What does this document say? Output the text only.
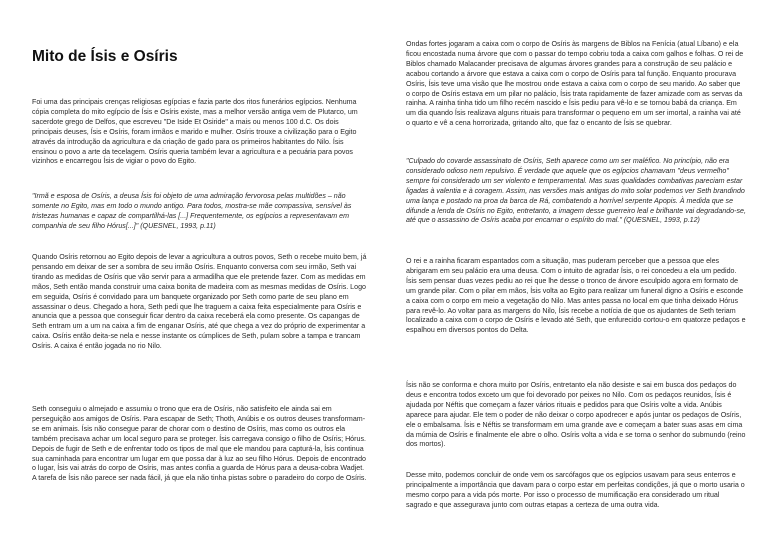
Mito de Ísis e Osíris

Foi uma das principais crenças religiosas egípcias e fazia parte dos ritos funerários egípcios. Nenhuma cópia completa do mito egípcio de Ísis e Osíris existe, mas a melhor versão antiga vem de Plutarco, um sacerdote grego de Delfos, que escreveu "De Iside Et Osiride" a mais ou menos 100 d.C. Os dois principais deuses, Ísis e Osíris, foram irmãos e marido e mulher. Osíris trouxe a civilização para o Egito através da introdução da agricultura e da criação de gado para os primeiros habitantes do Nilo. Ísis ensinou o povo a arte da tecelagem. Osíris queria também levar a agricultura e a pecuária para povos vizinhos e encarregou Ísis de vigiar o povo do Egito.

"Irmã e esposa de Osíris, a deusa Ísis foi objeto de uma admiração fervorosa pelas multidões – não somente no Egito, mas em todo o mundo antigo. Para todos, mostra-se mãe compassiva, sensível às tristezas humanas e capaz de compartilhá-las [...] Frequentemente, os egípcios a representavam em companhia de seu filho Hórus[...]" (QUESNEL, 1993, p.11)

Quando Osíris retornou ao Egito depois de levar a agricultura a outros povos, Seth o recebe muito bem, já pensando em deixar de ser a sombra de seu irmão Osíris. Enquanto conversa com seu irmão, Seth vai tirando as medidas de Osíris que vão servir para a armadilha que ele pretende fazer. Com as medidas em mãos, Seth então manda construir uma caixa bonita de madeira com as mesmas medidas de Osíris. Logo em seguida, Osíris é convidado para um banquete organizado por Seth como parte de seu plano em assassinar o deus. Chegado a hora, Seth pedi que lhe traguem a caixa feita especialmente para Osíris e anuncia que a pessoa que conseguir ficar dentro da caixa receberá ela como presente. Os capangas de Seth entram um a um na caixa a fim de enganar Osíris, até que chega a vez do próprio de experimentar a caixa. Osíris então deita-se nela e nesse instante os cúmplices de Seth, pulam sobre a tampa e trancam Osíris. A caixa é então jogada no rio Nilo.

Seth conseguiu o almejado e assumiu o trono que era de Osíris, não satisfeito ele ainda sai em perseguição aos amigos de Osíris. Para escapar de Seth; Thoth, Anúbis e os outros deuses transformam-se em animais. Ísis não consegue parar de chorar com o destino de Osíris, mas como os outros ela também precisava achar um local seguro para se proteger. Ísis carregava consigo o filho de Osíris; Hórus. Depois de fugir de Seth e de enfrentar todo os tipos de mal que ele mandou para capturá-la, Ísis continua sua caminhada para encontrar um lugar em que possa dar à luz ao seu filho Hórus. Depois de encontrado o lugar, Ísis vai atrás do corpo de Osíris, mas antes confia a guarda de Hórus para a deusa-cobra Wadjet. A tarefa de Ísis não parece ser nada fácil, já que ela não tinha pistas sobre o paradeiro do corpo de Osíris.

Ondas fortes jogaram a caixa com o corpo de Osíris às margens de Biblos na Fenícia (atual Líbano) e ela ficou encostada numa árvore que com o passar do tempo cobriu toda a caixa com galhos e folhas. O rei de Biblos chamado Malacander precisava de algumas árvores grandes para a construção de seu palácio e acabou cortando a árvore que estava a caixa com o corpo de Osíris para tal função. Enquanto procurava Osíris, Ísis teve uma visão que lhe mostrou onde estava a caixa com o corpo de seu marido. Ao saber que o corpo de Osíris estava em um pilar no palácio, Ísis trata rapidamente de fazer amizade com as servas da rainha. A rainha tinha tido um filho recém nascido e Ísis pediu para vê-lo e se tornou babá da criança. Em um dia quando Ísis realizava alguns rituais para transformar o pequeno em um ser imortal, a rainha vai até o quarto e vê a cena horrorizada, gritando alto, que faz o encanto de Ísis se quebrar.

"Culpado do covarde assassinato de Osíris, Seth aparece como um ser maléfico. No princípio, não era considerado odioso nem repulsivo. É verdade que aquele que os egípcios chamavam "deus vermelho" sempre foi considerado um ser violento e temperamental. Mas suas qualidades combativas pareciam estar ligadas à valentia e à coragem. Assim, nas versões mais antigas do mito solar podemos ver Seth brandindo uma lança e postado na proa da barca de Rá, combatendo a horrível serpente Apopis. À medida que se difunde a lenda de Osíris no Egito, entretanto, a imagem desse guerreiro leal e brilhante vai degradando-se, até que o assassino de Osíris acaba por encarnar o espírito do mal." (QUESNEL, 1993, p.12)

O rei e a rainha ficaram espantados com a situação, mas puderam perceber que a pessoa que eles abrigaram em seu palácio era uma deusa. Com o intuito de agradar Ísis, o rei concedeu a ela um pedido. Ísis sem pensar duas vezes pediu ao rei que lhe desse o tronco de árvore esculpido agora em formato de um grande pilar. Com o pilar em mãos, Ísis volta ao Egito para realizar um funeral digno a Osíris e esconde a caixa com o corpo em meio a vegetação do Nilo. Mas antes passa no local em que tinha deixado Hórus para revê-lo. Ao voltar para as margens do Nilo, Ísis recebe a notícia de que os ajudantes de Seth teriam localizado a caixa com o corpo de Osíris e levado até Seth, que enfurecido cortou-o em quatorze pedaços e espalhou em diversos pontos do Delta.

Ísis não se conforma e chora muito por Osíris, entretanto ela não desiste e sai em busca dos pedaços do deus e encontra todos exceto um que foi devorado por peixes no Nilo. Com os pedaços reunidos, Ísis é ajudada por Néftis que começam a fazer vários rituais e pedidos para que Osíris volte a vida. Anúbis aparece para ajudar. Ele tem o poder de não deixar o corpo apodrecer e após juntar os pedaços de Osíris, ele o embalsama. Ísis e Néftis se transformam em uma grande ave e começam a bater suas asas em cima da múmia de Osíris e finalmente ele abre o olho. Osíris volta a vida e se torna o senhor do submundo (reino dos mortos).

Desse mito, podemos concluir de onde vem os sarcófagos que os egípcios usavam para seus enterros e principalmente a importância que davam para o corpo estar em perfeitas condições, já que o morto usaria o mesmo corpo para a vida pós morte. Por isso o processo de mumificação era considerado um ritual sagrado e que assegurava junto com outras etapas a certeza de uma outra vida.
